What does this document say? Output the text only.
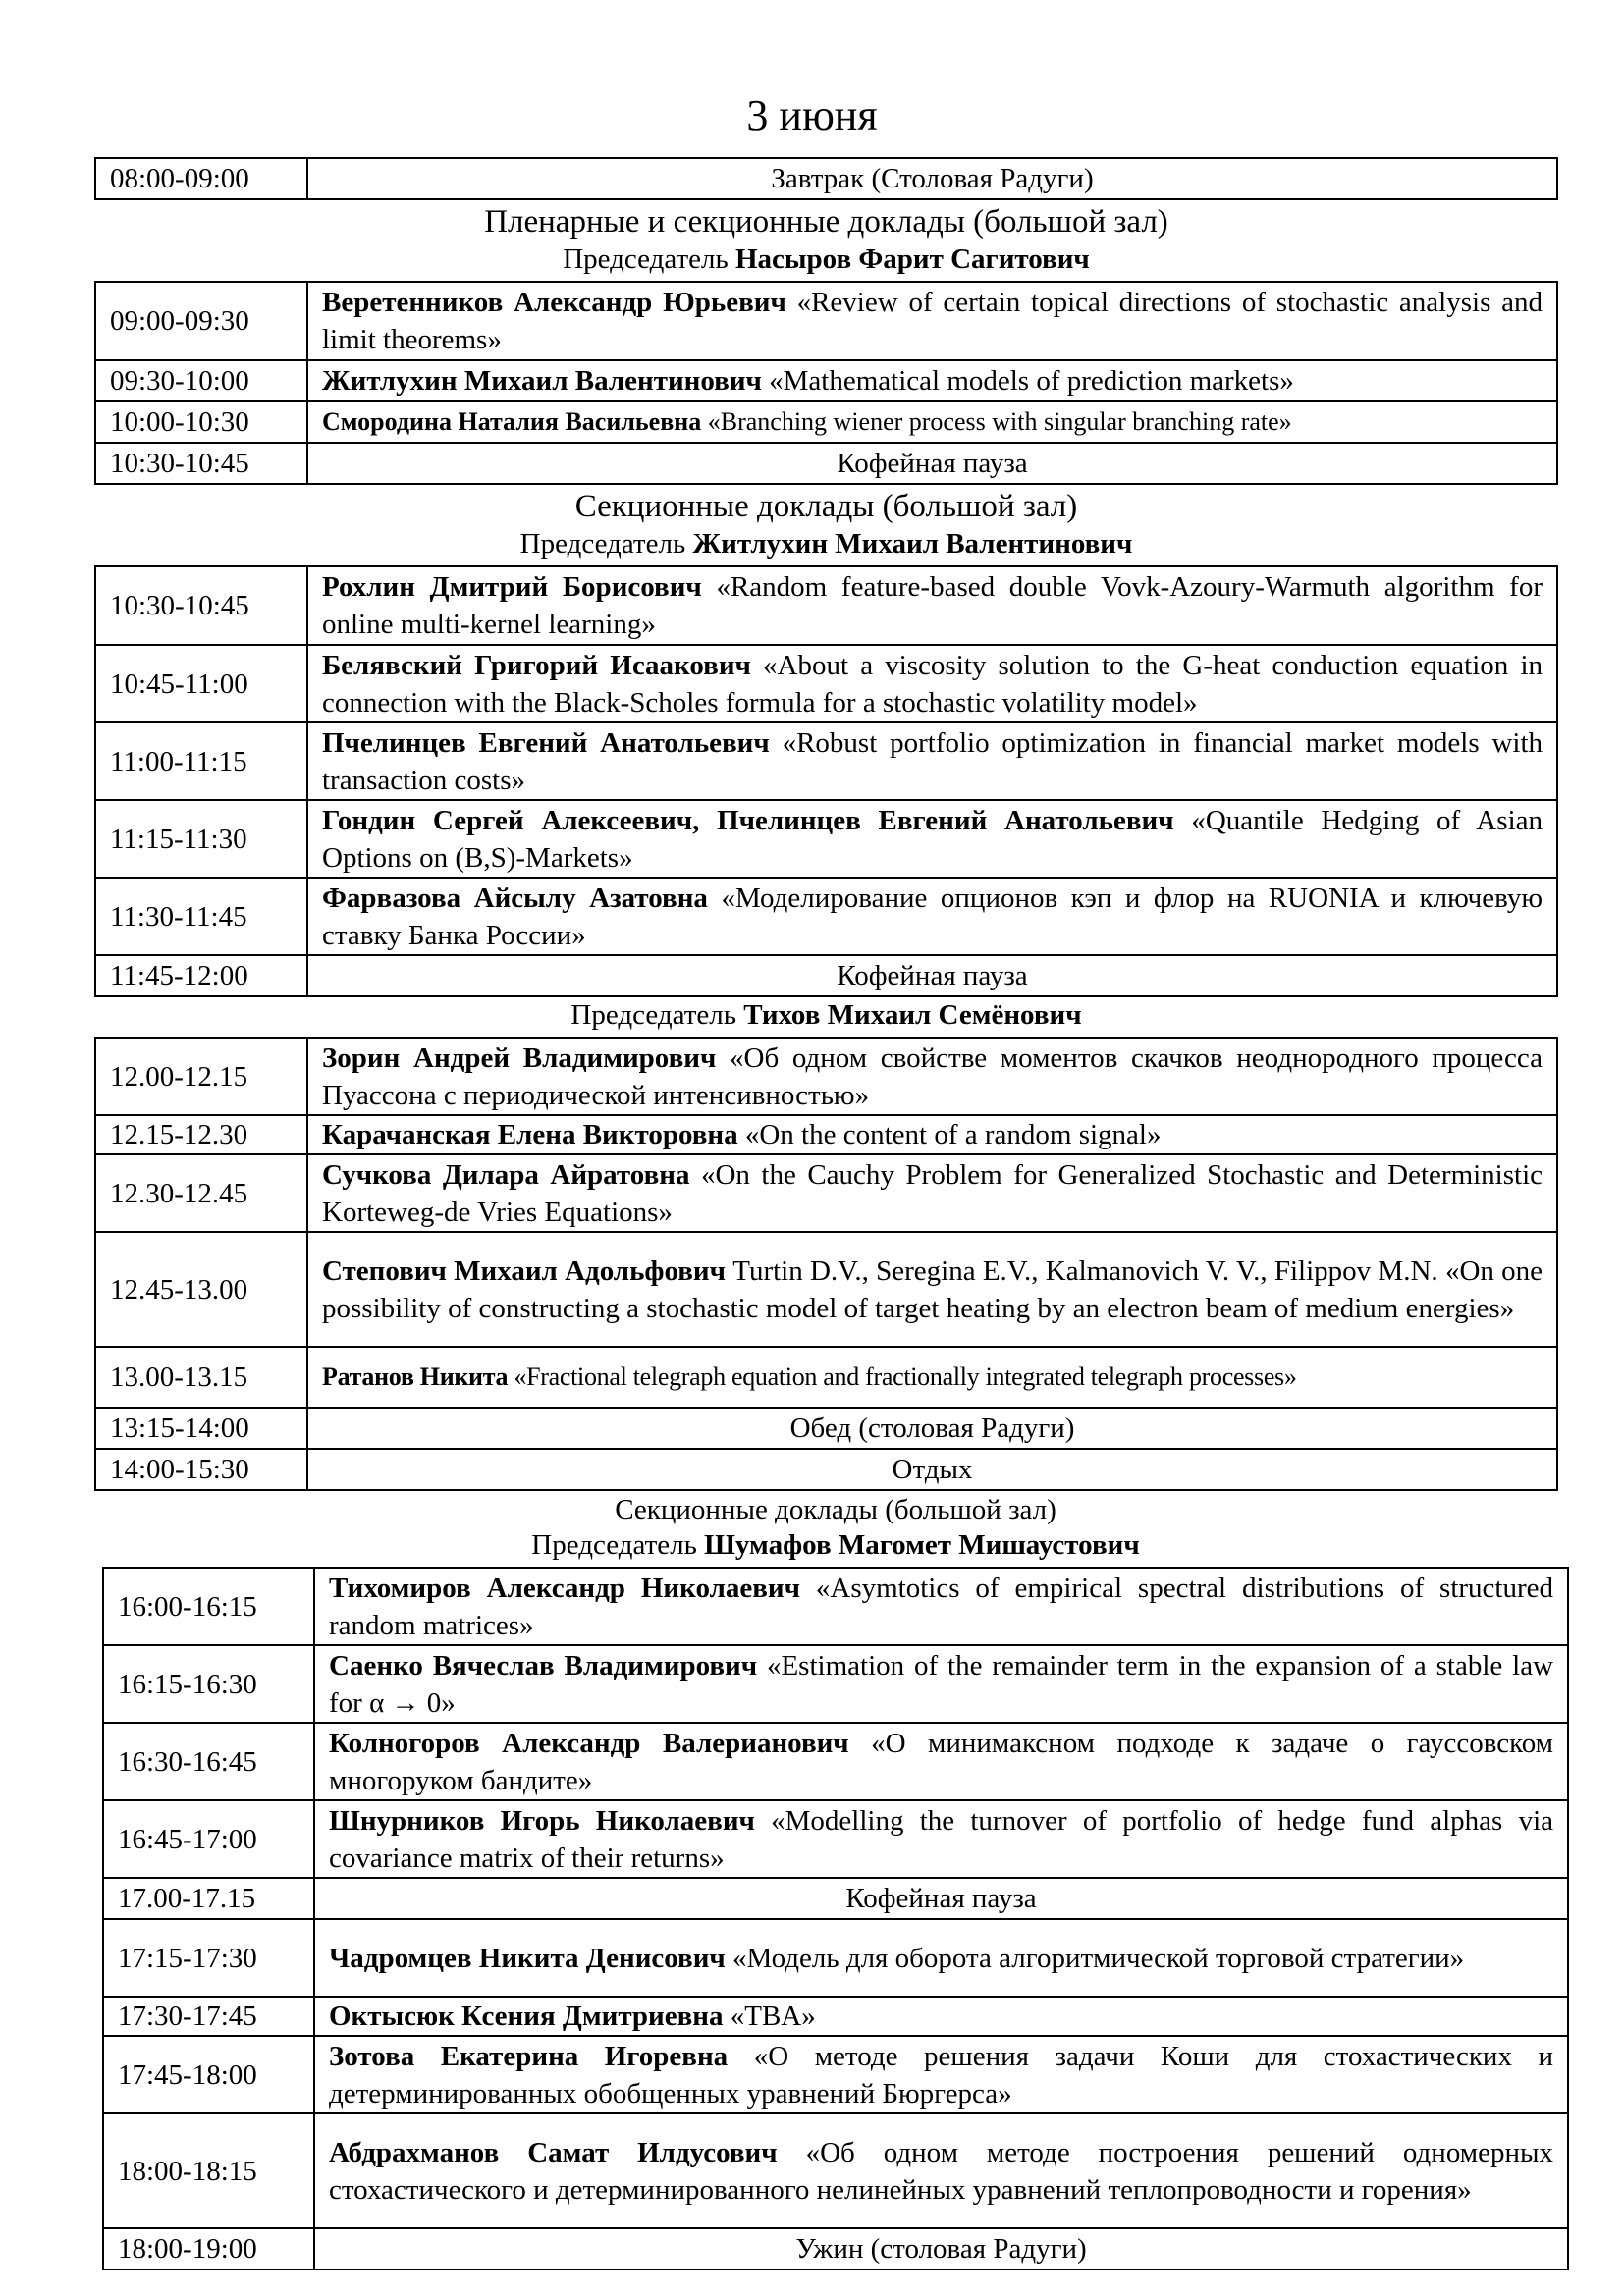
3 июня
08:00-09:00	Завтрак (Столовая Радуги)

Пленарные и секционные доклады (большой зал)

Председатель Насыров Фарит Сагитович

09:00-09:30	Веретенников Александр Юрьевич «Review of certain topical directions of stochastic analysis and limit theorems»
09:30-10:00	Житлухин Михаил Валентинович «Mathematical models of prediction markets»
10:00-10:30	Смородина Наталия Васильевна «Branching wiener process with singular branching rate»
10:30-10:45	Кофейная пауза

Секционные доклады (большой зал)

Председатель Житлухин Михаил Валентинович

10:30-10:45	Рохлин Дмитрий Борисович «Random feature-based double Vovk-Azoury-Warmuth algorithm for online multi-kernel learning»
10:45-11:00	Белявский Григорий Исаакович «About a viscosity solution to the G-heat conduction equation in connection with the Black-Scholes formula for a stochastic volatility model»
11:00-11:15	Пчелинцев Евгений Анатольевич «Robust portfolio optimization in financial market models with transaction costs»
11:15-11:30	Гондин Сергей Алексеевич, Пчелинцев Евгений Анатольевич «Quantile Hedging of Asian Options on (B,S)-Markets»
11:30-11:45	Фарвазова Айсылу Азатовна «Моделирование опционов кэп и флор на RUONIA и ключевую ставку Банка России»
11:45-12:00	Кофейная пауза

Председатель Тихов Михаил Семёнович

12.00-12.15	Зорин Андрей Владимирович «Об одном свойстве моментов скачков неоднородного процесса Пуассона с периодической интенсивностью»
12.15-12.30	Карачанская Елена Викторовна «On the content of a random signal»
12.30-12.45	Сучкова Дилара Айратовна «On the Cauchy Problem for Generalized Stochastic and Deterministic Korteweg-de Vries Equations»
12.45-13.00	Степович Михаил Адольфович Turtin D.V., Seregina E.V., Kalmanovich V. V., Filippov M.N. «On one possibility of constructing a stochastic model of target heating by an electron beam of medium energies»
13.00-13.15	Ратанов Никита «Fractional telegraph equation and fractionally integrated telegraph processes»
13:15-14:00	Обед (столовая Радуги)
14:00-15:30	Отдых

Секционные доклады (большой зал)

Председатель Шумафов Магомет Мишаустович

16:00-16:15	Тихомиров Александр Николаевич «Asymtotics of empirical spectral distributions of structured random matrices»
16:15-16:30	Саенко Вячеслав Владимирович «Estimation of the remainder term in the expansion of a stable law for α → 0»
16:30-16:45	Колногоров Александр Валерианович «О минимаксном подходе к задаче о гауссовском многоруком бандите»
16:45-17:00	Шнурников Игорь Николаевич «Modelling the turnover of portfolio of hedge fund alphas via covariance matrix of their returns»
17.00-17.15	Кофейная пауза
17:15-17:30	Чадромцев Никита Денисович «Модель для оборота алгоритмической торговой стратегии»
17:30-17:45	Октысюк Ксения Дмитриевна «TBA»
17:45-18:00	Зотова Екатерина Игоревна «О методе решения задачи Коши для стохастических и детерминированных обобщенных уравнений Бюргерса»
18:00-18:15	Абдрахманов Самат Илдусович «Об одном методе построения решений одномерных стохастического и детерминированного нелинейных уравнений теплопроводности и горения»
18:00-19:00	Ужин (столовая Радуги)
